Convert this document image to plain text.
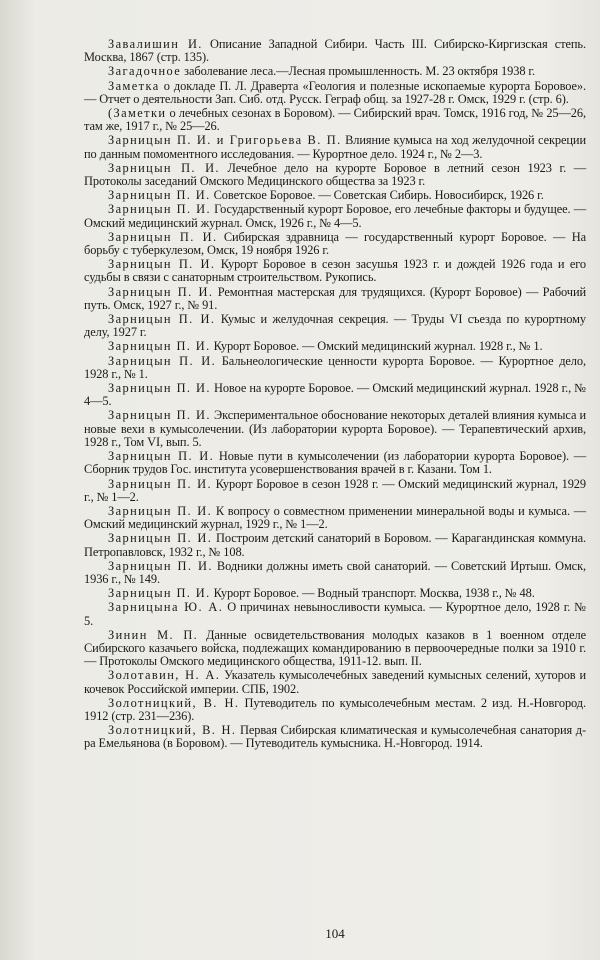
Завалишин И. Описание Западной Сибири. Часть III. Сибирско-Киргизская степь. Москва, 1867 (стр. 135).

Загадочное заболевание леса.—Лесная промышленность. М. 23 октября 1938 г.

Заметка о докладе П. Л. Драверта «Геология и полезные ископаемые курорта Боровое». — Отчет о деятельности Зап. Сиб. отд. Русск. Геграф общ. за 1927-28 г. Омск, 1929 г. (стр. 6).

(Заметки о лечебных сезонах в Боровом). — Сибирский врач. Томск, 1916 год, № 25—26, там же, 1917 г., № 25—26.

Зарницын П. И. и Григорьева В. П. Влияние кумыса на ход желудочной секреции по данным помоментного исследования. — Курортное дело. 1924 г., № 2—3.

Зарницын П. И. Лечебное дело на курорте Боровое в летний сезон 1923 г. — Протоколы заседаний Омского Медицинского общества за 1923 г.

Зарницын П. И. Советское Боровое. — Советская Сибирь. Новосибирск, 1926 г.

Зарницын П. И. Государственный курорт Боровое, его лечебные факторы и будущее. — Омский медицинский журнал. Омск, 1926 г., № 4—5.

Зарницын П. И. Сибирская здравница — государственный курорт Боровое. — На борьбу с туберкулезом, Омск, 19 ноября 1926 г.

Зарницын П. И. Курорт Боровое в сезон засушья 1923 г. и дождей 1926 года и его судьбы в связи с санаторным строительством. Рукопись.

Зарницын П. И. Ремонтная мастерская для трудящихся. (Курорт Боровое) — Рабочий путь. Омск, 1927 г., № 91.

Зарницын П. И. Кумыс и желудочная секреция. — Труды VI съезда по курортному делу, 1927 г.

Зарницын П. И. Курорт Боровое. — Омский медицинский журнал. 1928 г., № 1.

Зарницын П. И. Бальнеологические ценности курорта Боровое. — Курортное дело, 1928 г., № 1.

Зарницын П. И. Новое на курорте Боровое. — Омский медицинский журнал. 1928 г., № 4—5.

Зарницын П. И. Экспериментальное обоснование некоторых деталей влияния кумыса и новые вехи в кумысолечении. (Из лаборатории курорта Боровое). — Терапевтический архив, 1928 г., Том VI, вып. 5.

Зарницын П. И. Новые пути в кумысолечении (из лаборатории курорта Боровое). — Сборник трудов Гос. института усовершенствования врачей в г. Казани. Том 1.

Зарницын П. И. Курорт Боровое в сезон 1928 г. — Омский медицинский журнал, 1929 г., № 1—2.

Зарницын П. И. К вопросу о совместном применении минеральной воды и кумыса. — Омский медицинский журнал, 1929 г., № 1—2.

Зарницын П. И. Построим детский санаторий в Боровом. — Карагандинская коммуна. Петропавловск, 1932 г., № 108.

Зарницын П. И. Водники должны иметь свой санаторий. — Советский Иртыш. Омск, 1936 г., № 149.

Зарницын П. И. Курорт Боровое. — Водный транспорт. Москва, 1938 г., № 48.

Зарницына Ю. А. О причинах невыносливости кумыса. — Курортное дело, 1928 г. № 5.

Зинин М. П. Данные освидетельствования молодых казаков в 1 военном отделе Сибирского казачьего войска, подлежащих командированию в первоочередные полки за 1910 г. — Протоколы Омского медицинского общества, 1911-12. вып. II.

Золотавин, Н. А. Указатель кумысолечебных заведений кумысных селений, хуторов и кочевок Российской империи. СПБ, 1902.

Золотницкий, В. Н. Путеводитель по кумысолечебным местам. 2 изд. Н.-Новгород. 1912 (стр. 231—236).

Золотницкий, В. Н. Первая Сибирская климатическая и кумысолечебная санатория д-ра Емельянова (в Боровом). — Путеводитель кумысника. Н.-Новгород. 1914.

104
